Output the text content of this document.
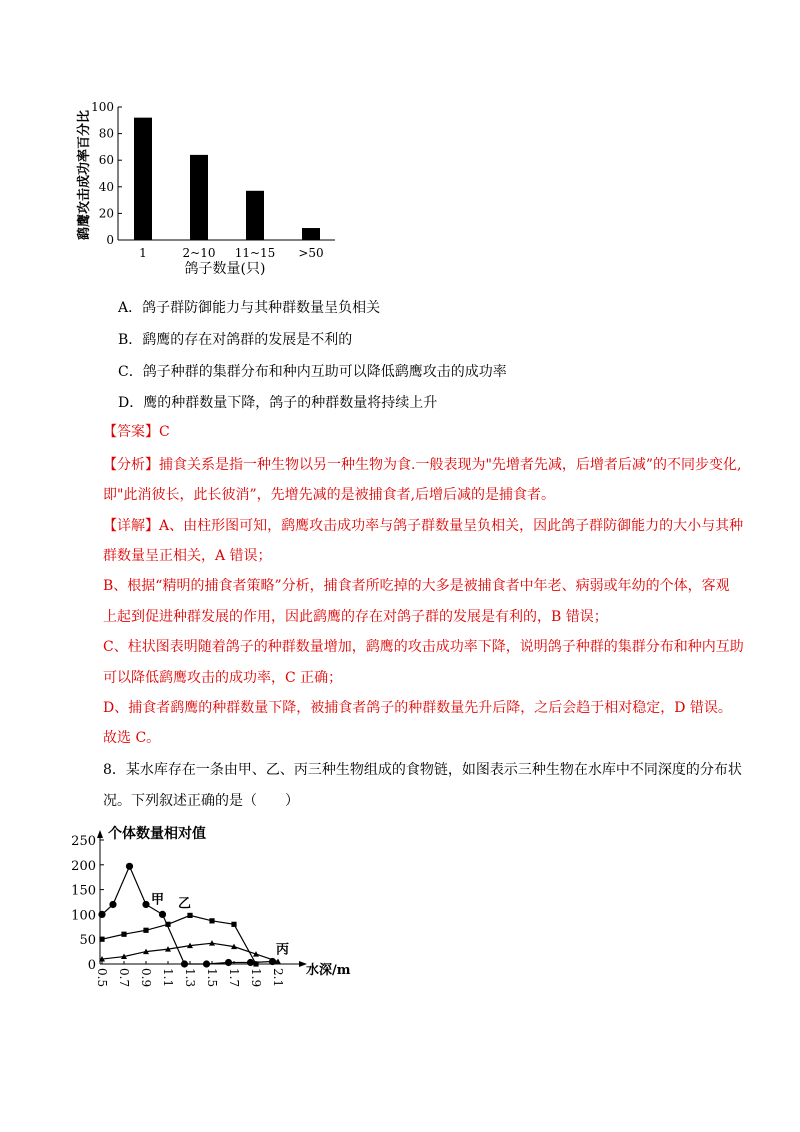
0
20
40
60
80
100
1	2~10 11~15 >50
鹞鹰攻击成功率百分比
鸽子数量(只)
A．鸽子群防御能力与其种群数量呈负相关
B．鹞鹰的存在对鸽群的发展是不利的
C．鸽子种群的集群分布和种内互助可以降低鹞鹰攻击的成功率
D．鹰的种群数量下降，鸽子的种群数量将持续上升
【答案】C
【分析】捕食关系是指一种生物以另一种生物为食.一般表现为"先增者先减，后增者后减”的不同步变化,
即"此消彼长，此长彼消”，先增先减的是被捕食者,后增后减的是捕食者。
【详解】A、由柱形图可知，鹞鹰攻击成功率与鸽子群数量呈负相关，因此鸽子群防御能力的大小与其种
群数量呈正相关，A 错误；
B、根据“精明的捕食者策略”分析，捕食者所吃掉的大多是被捕食者中年老、病弱或年幼的个体，客观
上起到促进种群发展的作用，因此鹞鹰的存在对鸽子群的发展是有利的，B 错误；
C、柱状图表明随着鸽子的种群数量增加，鹞鹰的攻击成功率下降，说明鸽子种群的集群分布和种内互助
可以降低鹞鹰攻击的成功率，C 正确；
D、捕食者鹞鹰的种群数量下降，被捕食者鸽子的种群数量先升后降，之后会趋于相对稳定，D 错误。
故选 C。
8．某水库存在一条由甲、乙、丙三种生物组成的食物链，如图表示三种生物在水库中不同深度的分布状
况。下列叙述正确的是（　　）
甲 乙
丙
0
50
100
150
200
250
0.5 0.7 0.9 1.1 1.3 1.5 1.7 1.9 2.1
个体数量相对值
水深/m
